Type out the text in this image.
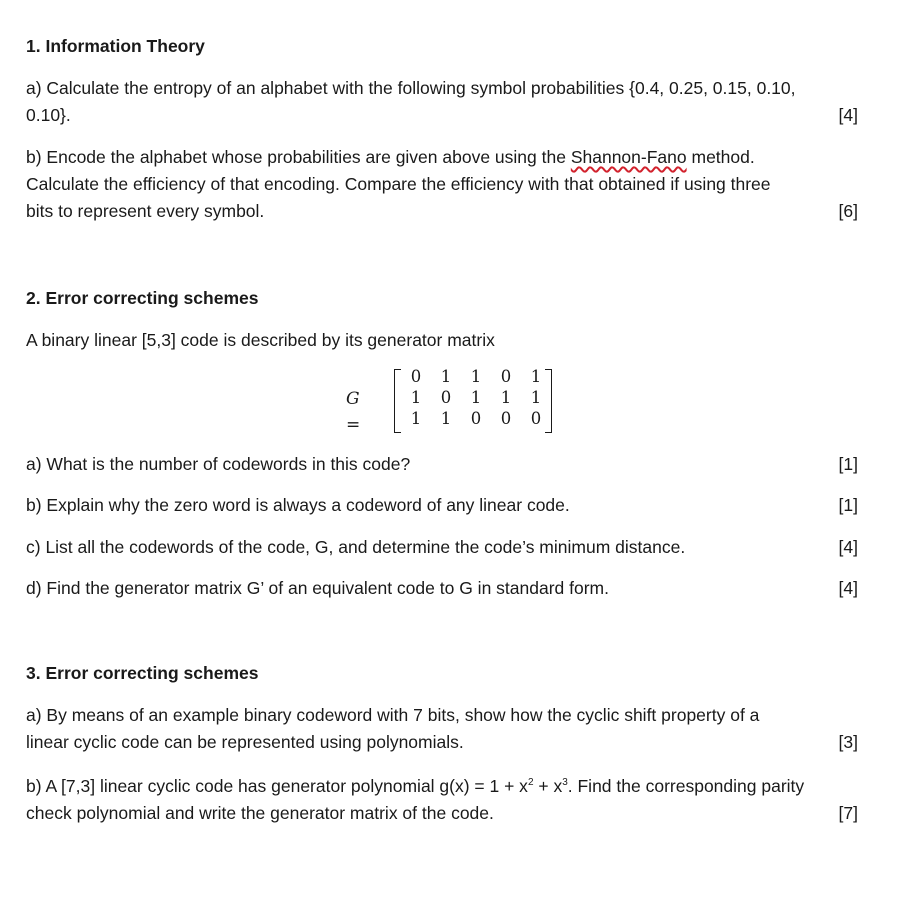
1. Information Theory
a) Calculate the entropy of an alphabet with the following symbol probabilities {0.4, 0.25, 0.15, 0.10,
0.10}.	[4]
b) Encode the alphabet whose probabilities are given above using the Shannon-Fano method.
Calculate the efficiency of that encoding. Compare the efficiency with that obtained if using three
bits to represent every symbol.	[6]
2. Error correcting schemes
A binary linear [5,3] code is described by its generator matrix
G =
0	1	1	0	1
1	0	1	1	1
1	1	0	0	0
a) What is the number of codewords in this code?	[1]
b) Explain why the zero word is always a codeword of any linear code.	[1]
c) List all the codewords of the code, G, and determine the code’s minimum distance.	[4]
d) Find the generator matrix G’ of an equivalent code to G in standard form.	[4]
3. Error correcting schemes
a) By means of an example binary codeword with 7 bits, show how the cyclic shift property of a
linear cyclic code can be represented using polynomials.	[3]
b) A [7,3] linear cyclic code has generator polynomial $g(x) = 1 + x^2 + x^3$. Find the corresponding parity
check polynomial and write the generator matrix of the code.	[7]
